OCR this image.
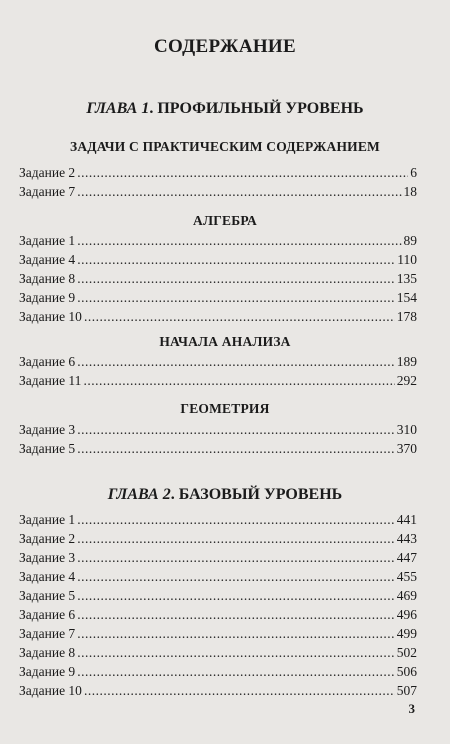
СОДЕРЖАНИЕ
ГЛАВА 1. ПРОФИЛЬНЫЙ УРОВЕНЬ
ЗАДАЧИ С ПРАКТИЧЕСКИМ СОДЕРЖАНИЕМ
Задание 2 .....	6
Задание 7 .....	18
АЛГЕБРА
Задание 1 .....	89
Задание 4 .....	110
Задание 8 .....	135
Задание 9 .....	154
Задание 10 .....	178
НАЧАЛА АНАЛИЗА
Задание 6 .....	189
Задание 11 .....	292
ГЕОМЕТРИЯ
Задание 3 .....	310
Задание 5 .....	370
ГЛАВА 2. БАЗОВЫЙ УРОВЕНЬ
Задание 1 .....	441
Задание 2 .....	443
Задание 3 .....	447
Задание 4 .....	455
Задание 5 .....	469
Задание 6 .....	496
Задание 7 .....	499
Задание 8 .....	502
Задание 9 .....	506
Задание 10 .....	507
3
